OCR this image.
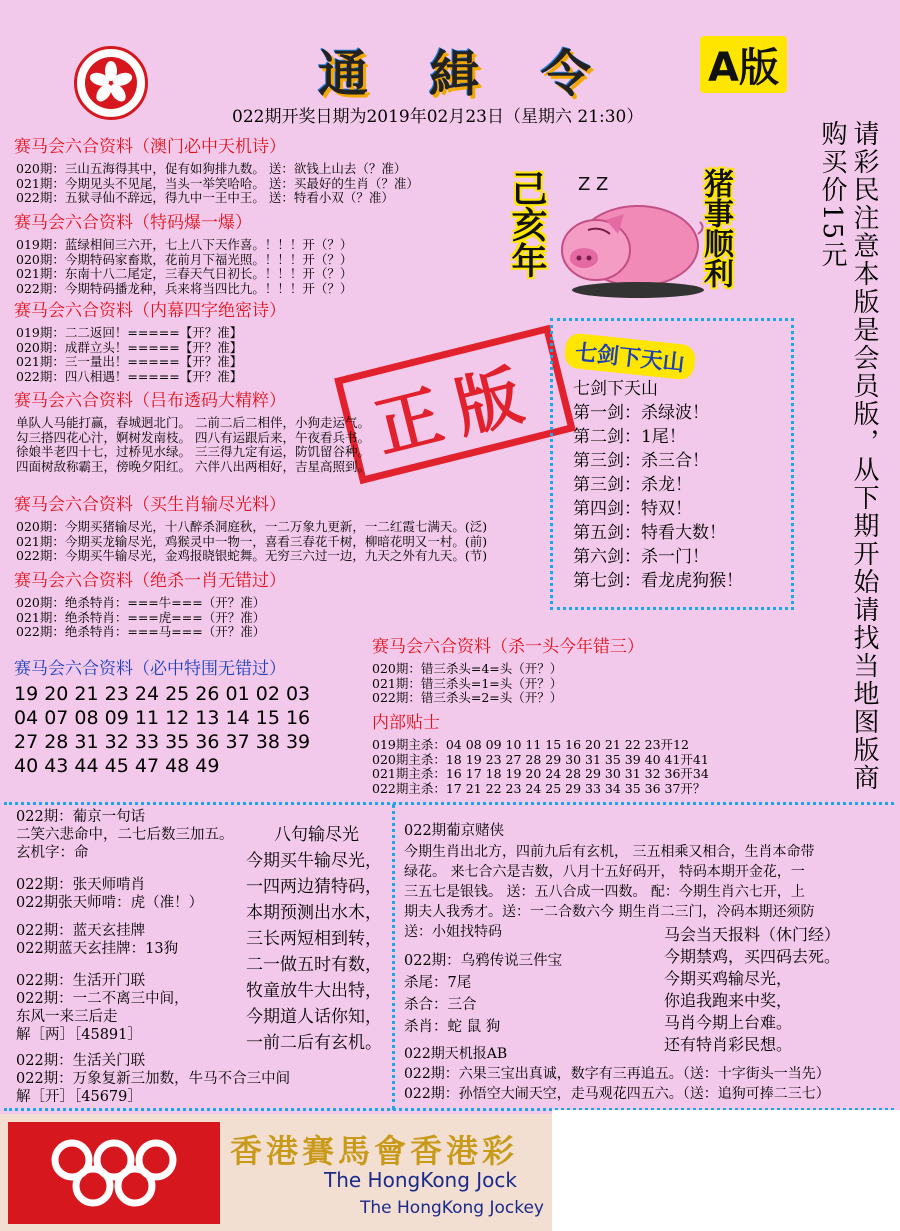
通 緝 令 A版
022期开奖日期为2019年02月23日（星期六 21:30）
请彩民注意本版是会员版，从下期开始请找当地图版商购买价15元
赛马会六合资料（澳门必中天机诗）
020期：三山五海得其中，促有如狗排九数。 送：欲钱上山去（？准）
021期：今期见头不见尾，当头一举笑哈哈。 送：买最好的生肖（？准）
022期：五狱寻仙不辞远，得九中一王中王。 送：特看小双（？准）
赛马会六合资料（特码爆一爆）
019期：蓝绿相间三六开，七上八下天作喜。！！！开（？）
020期：今期特码家畜欺，花前月下福光照。！！！开（？）
021期：东南十八二尾定，三春天气日初长。！！！开（？）
022期：今期特码播龙种，兵来将当四比九。！！！开（？）
己亥年 Z Z	猪事顺利
赛马会六合资料（内幕四字绝密诗）
019期：二二返回！=====【开？准】
020期：成群立头！=====【开？准】
021期：三一量出！=====【开？准】
022期：四八相遇！=====【开？准】	正版
赛马会六合资料（吕布透码大精粹）
单队人马能打赢，春城迥北门。 二前二后二相伴，小狗走运气。
勾三搭四花心汁，婀树发南枝。 四八有运跟后来，午夜看兵书。
徐娘半老四十七，过桥见水绿。 三三得九定有运，防饥留谷种。
四面树敌称霸王，傍晚夕阳红。 六伴八出两相好，吉星高照到。
赛马会六合资料（买生肖输尽光料）
020期：今期买猪输尽光，十八醉杀洞庭秋，一二万象九更新，一二红霞七满天。(泛)
021期：今期买龙输尽光，鸡猴灵中一物一，喜看三春花千树，柳暗花明又一村。(前)
022期：今期买牛输尽光，金鸡报晓银蛇舞。无穷三六过一边，九天之外有九天。(节)
赛马会六合资料（绝杀一肖无错过）
020期：绝杀特肖：===牛===（开？准）
021期：绝杀特肖：===虎===（开？准）
022期：绝杀特肖：===马===（开？准）
赛马会六合资料（必中特围无错过）
19 20 21 23 24 25 26 01 02 03
04 07 08 09 11 12 13 14 15 16
27 28 31 32 33 35 36 37 38 39
40 43 44 45 47 48 49
七剑下天山
七剑下天山
第一剑：杀绿波！
第二剑：1尾！
第三剑：杀三合！
第三剑：杀龙！
第四剑：特双！
第五剑：特看大数！
第六剑：杀一门！
第七剑：看龙虎狗猴！
赛马会六合资料（杀一头今年错三）
020期：错三杀头=4=头（开？）
021期：错三杀头=1=头（开？）
022期：错三杀头=2=头（开？）
内部贴士
019期主杀：04 08 09 10 11 15 16 20 21 22 23开12
020期主杀：18 19 23 27 28 29 30 31 35 39 40 41开41
021期主杀：16 17 18 19 20 24 28 29 30 31 32 36开34
022期主杀：17 21 22 23 24 25 29 33 34 35 36 37开？
022期：葡京一句话
二笑六悲命中，二七后数三加五。
玄机字：命
022期：张天师啃肖
022期张天师啃：虎（准！）
022期：蓝天玄挂牌
022期蓝天玄挂牌：13狗
022期：生活开门联
022期：一二不离三中间，
东风一来三后走
解［两］［45891］
022期：生活关门联
022期：万象复新三加数，牛马不合三中间
解［开］［45679］
八句输尽光
今期买牛输尽光，
一四两边猜特码，
本期预测出水木，
三长两短相到转，
二一做五时有数，
牧童放牛大出特，
今期道人话你知，
一前二后有玄机。
022期葡京赌侠
今期生肖出北方，四前九后有玄机， 三五相乘又相合，生肖本命带
绿花。 来七合六是吉数，八月十五好码开， 特码本期开金花，一
三五七是银钱。 送：五八合成一四数。 配：今期生肖六七开，上
期夫人我秀才。送：一二合数六今 期生肖二三门，冷码本期还须防
送：小姐找特码
022期：乌鸦传说三件宝
杀尾：7尾
杀合：三合
杀肖：蛇 鼠 狗
马会当天报料（休门经）
今期禁鸡，买四码去死。
今期买鸡输尽光，
你追我跑来中奖，
马肖今期上台难。
还有特肖彩民想。
022期天机报AB
022期：六果三宝出真诚，数字有三再追五。（送：十字街头一当先）
022期：孙悟空大闹天空，走马观花四五六。（送：追狗可捧二三七）
香港賽馬會香港彩
The HongKong Jock
The HongKong Jockey
